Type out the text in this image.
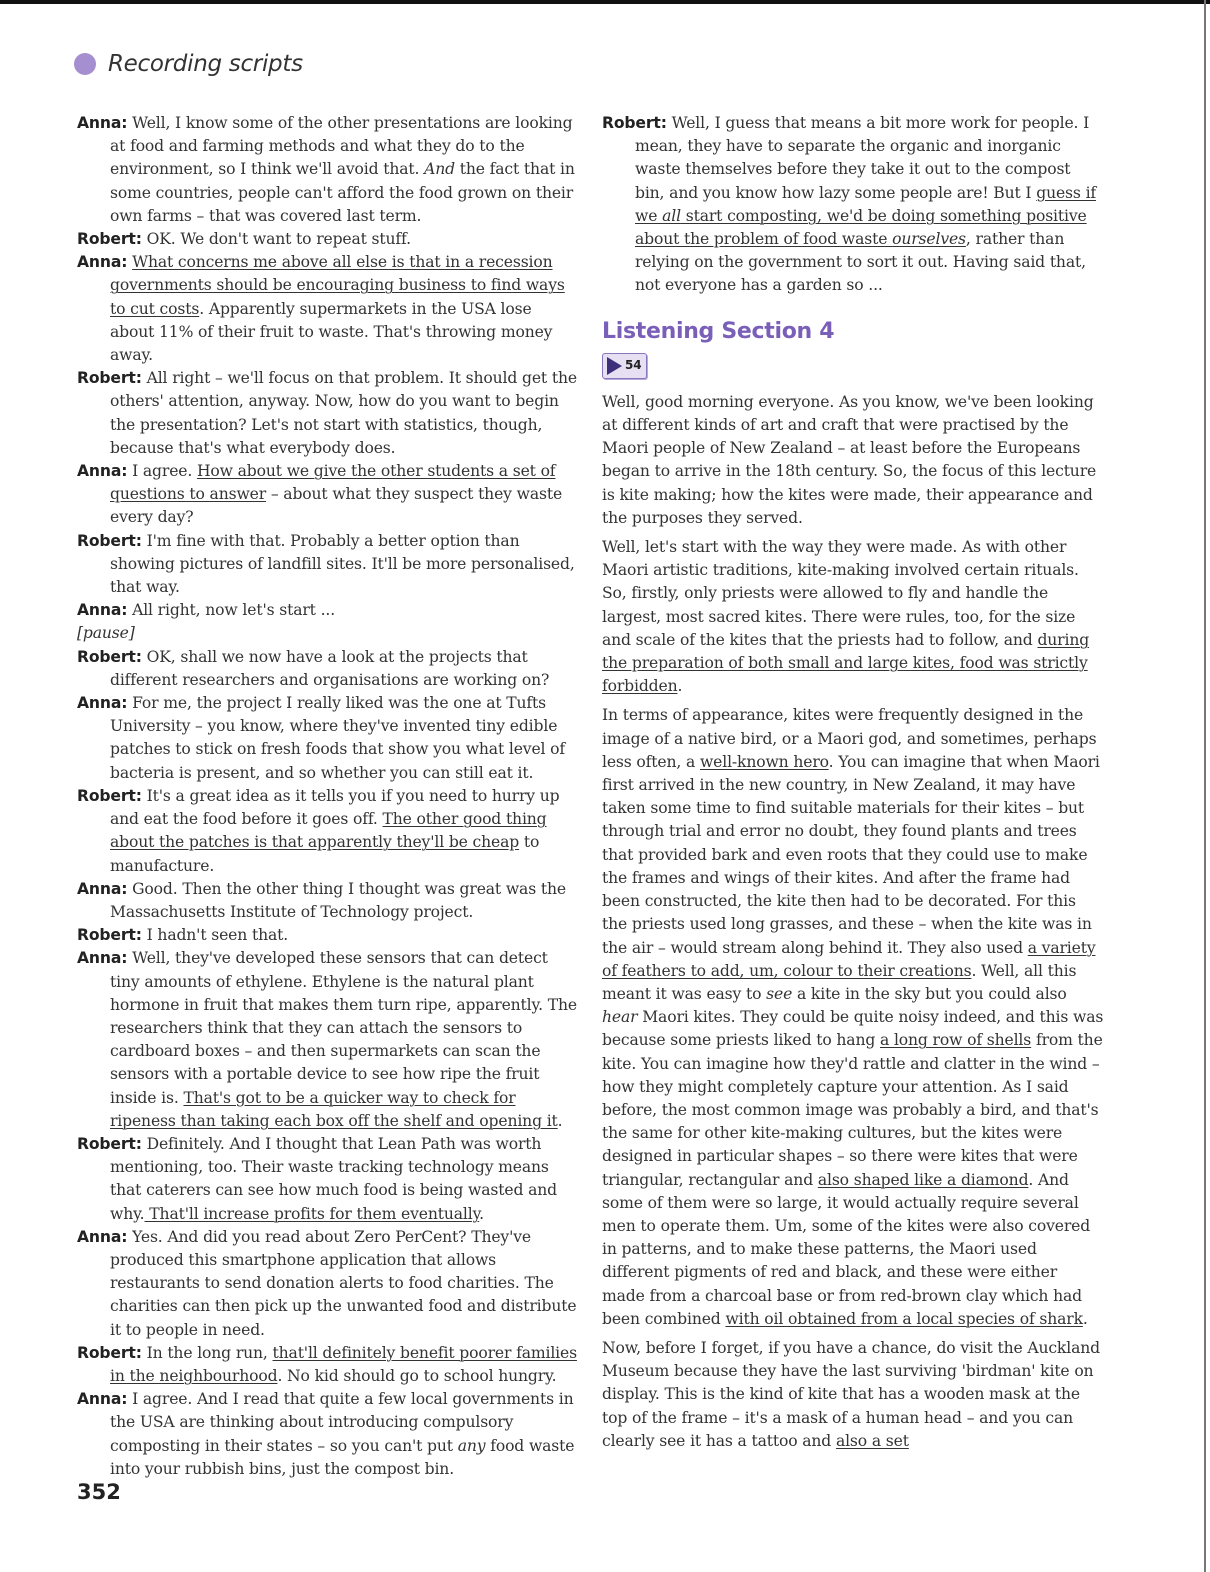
Recording scripts

Anna: Well, I know some of the other presentations are looking at food and farming methods and what they do to the environment, so I think we'll avoid that. And the fact that in some countries, people can't afford the food grown on their own farms – that was covered last term.

Robert: OK. We don't want to repeat stuff.

Anna: What concerns me above all else is that in a recession governments should be encouraging business to find ways to cut costs. Apparently supermarkets in the USA lose about 11% of their fruit to waste. That's throwing money away.

Robert: All right – we'll focus on that problem. It should get the others' attention, anyway. Now, how do you want to begin the presentation? Let's not start with statistics, though, because that's what everybody does.

Anna: I agree. How about we give the other students a set of questions to answer – about what they suspect they waste every day?

Robert: I'm fine with that. Probably a better option than showing pictures of landfill sites. It'll be more personalised, that way.

Anna: All right, now let's start ...

[pause]

Robert: OK, shall we now have a look at the projects that different researchers and organisations are working on?

Anna: For me, the project I really liked was the one at Tufts University – you know, where they've invented tiny edible patches to stick on fresh foods that show you what level of bacteria is present, and so whether you can still eat it.

Robert: It's a great idea as it tells you if you need to hurry up and eat the food before it goes off. The other good thing about the patches is that apparently they'll be cheap to manufacture.

Anna: Good. Then the other thing I thought was great was the Massachusetts Institute of Technology project.

Robert: I hadn't seen that.

Anna: Well, they've developed these sensors that can detect tiny amounts of ethylene. Ethylene is the natural plant hormone in fruit that makes them turn ripe, apparently. The researchers think that they can attach the sensors to cardboard boxes – and then supermarkets can scan the sensors with a portable device to see how ripe the fruit inside is. That's got to be a quicker way to check for ripeness than taking each box off the shelf and opening it.

Robert: Definitely. And I thought that Lean Path was worth mentioning, too. Their waste tracking technology means that caterers can see how much food is being wasted and why. That'll increase profits for them eventually.

Anna: Yes. And did you read about Zero PerCent? They've produced this smartphone application that allows restaurants to send donation alerts to food charities. The charities can then pick up the unwanted food and distribute it to people in need.

Robert: In the long run, that'll definitely benefit poorer families in the neighbourhood. No kid should go to school hungry.

Anna: I agree. And I read that quite a few local governments in the USA are thinking about introducing compulsory composting in their states – so you can't put any food waste into your rubbish bins, just the compost bin.

Robert: Well, I guess that means a bit more work for people. I mean, they have to separate the organic and inorganic waste themselves before they take it out to the compost bin, and you know how lazy some people are! But I guess if we all start composting, we'd be doing something positive about the problem of food waste ourselves, rather than relying on the government to sort it out. Having said that, not everyone has a garden so ...

Listening Section 4
54

Well, good morning everyone. As you know, we've been looking at different kinds of art and craft that were practised by the Maori people of New Zealand – at least before the Europeans began to arrive in the 18th century. So, the focus of this lecture is kite making; how the kites were made, their appearance and the purposes they served.

Well, let's start with the way they were made. As with other Maori artistic traditions, kite-making involved certain rituals. So, firstly, only priests were allowed to fly and handle the largest, most sacred kites. There were rules, too, for the size and scale of the kites that the priests had to follow, and during the preparation of both small and large kites, food was strictly forbidden.

In terms of appearance, kites were frequently designed in the image of a native bird, or a Maori god, and sometimes, perhaps less often, a well-known hero. You can imagine that when Maori first arrived in the new country, in New Zealand, it may have taken some time to find suitable materials for their kites – but through trial and error no doubt, they found plants and trees that provided bark and even roots that they could use to make the frames and wings of their kites. And after the frame had been constructed, the kite then had to be decorated. For this the priests used long grasses, and these – when the kite was in the air – would stream along behind it. They also used a variety of feathers to add, um, colour to their creations. Well, all this meant it was easy to see a kite in the sky but you could also hear Maori kites. They could be quite noisy indeed, and this was because some priests liked to hang a long row of shells from the kite. You can imagine how they'd rattle and clatter in the wind – how they might completely capture your attention. As I said before, the most common image was probably a bird, and that's the same for other kite-making cultures, but the kites were designed in particular shapes – so there were kites that were triangular, rectangular and also shaped like a diamond. And some of them were so large, it would actually require several men to operate them. Um, some of the kites were also covered in patterns, and to make these patterns, the Maori used different pigments of red and black, and these were either made from a charcoal base or from red-brown clay which had been combined with oil obtained from a local species of shark.

Now, before I forget, if you have a chance, do visit the Auckland Museum because they have the last surviving 'birdman' kite on display. This is the kind of kite that has a wooden mask at the top of the frame – it's a mask of a human head – and you can clearly see it has a tattoo and also a set

352
